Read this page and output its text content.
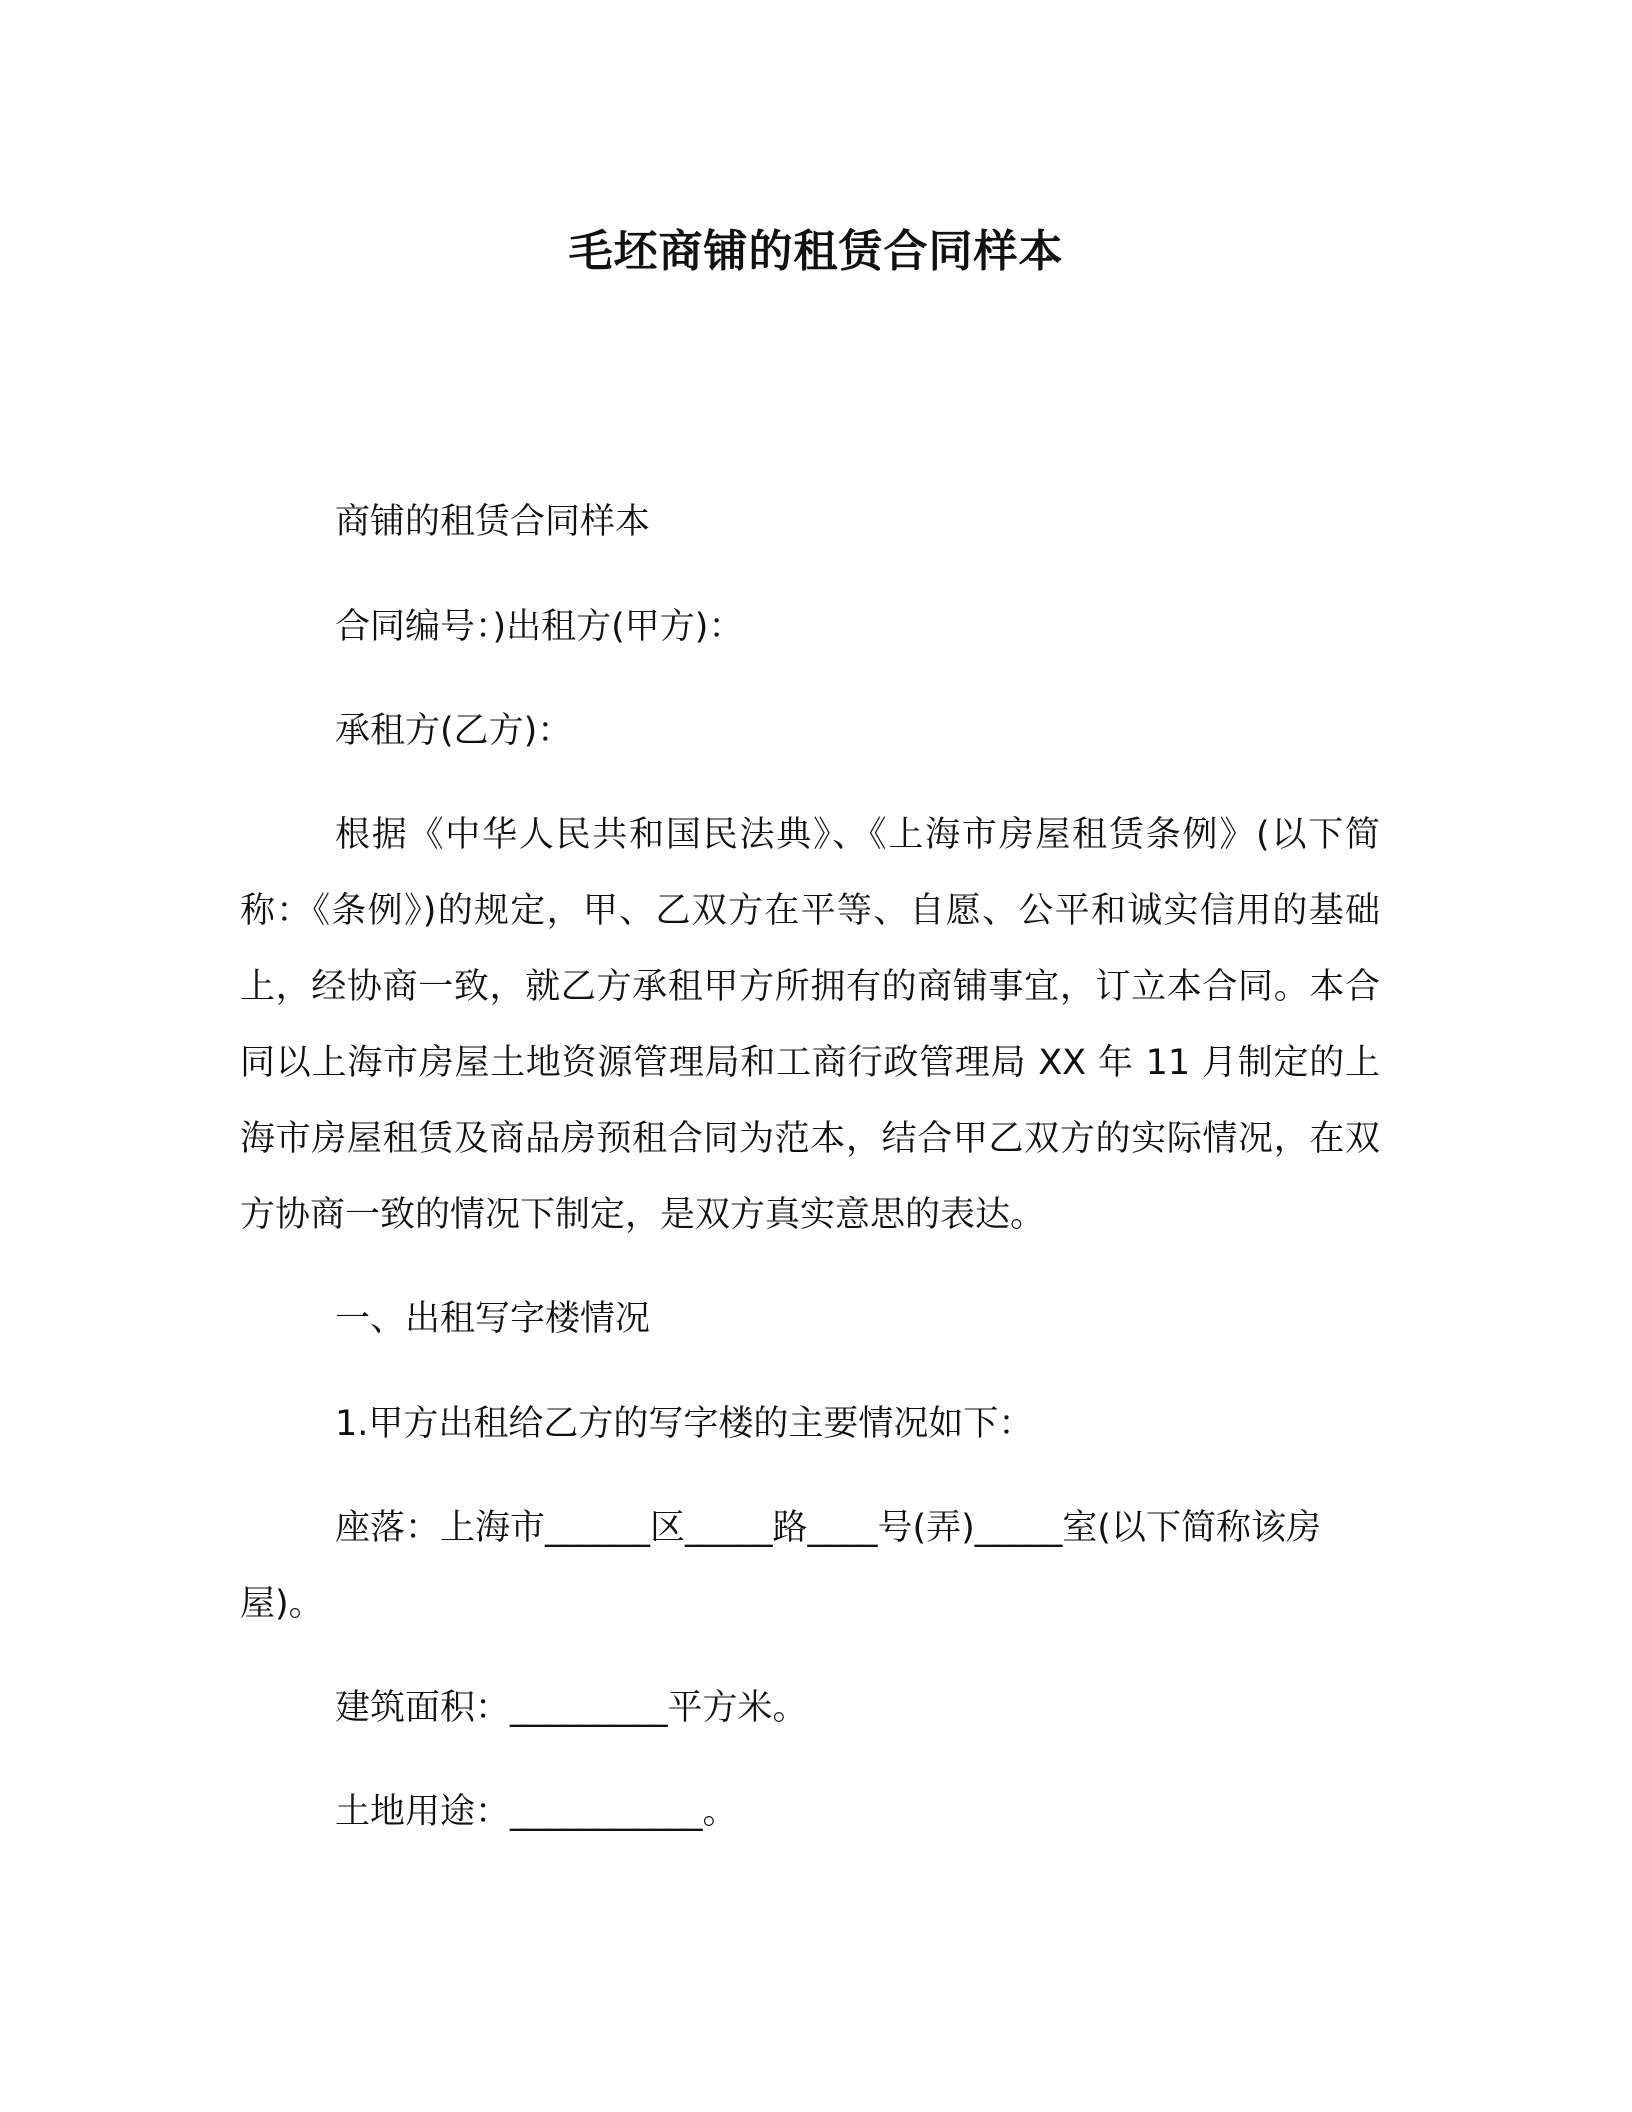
毛坯商铺的租赁合同样本

商铺的租赁合同样本

合同编号：)出租方(甲方)：

承租方(乙方)：

根据《中华人民共和国民法典》、《上海市房屋租赁条例》(以下简称：《条例》)的规定，甲、乙双方在平等、自愿、公平和诚实信用的基础上，经协商一致，就乙方承租甲方所拥有的商铺事宜，订立本合同。本合同以上海市房屋土地资源管理局和工商行政管理局 XX 年 11 月制定的上海市房屋租赁及商品房预租合同为范本，结合甲乙双方的实际情况，在双方协商一致的情况下制定，是双方真实意思的表达。

一、出租写字楼情况

1.甲方出租给乙方的写字楼的主要情况如下：

座落：上海市______区_____路____号(弄)_____室(以下简称该房屋)。

建筑面积：_________平方米。

土地用途：___________。
